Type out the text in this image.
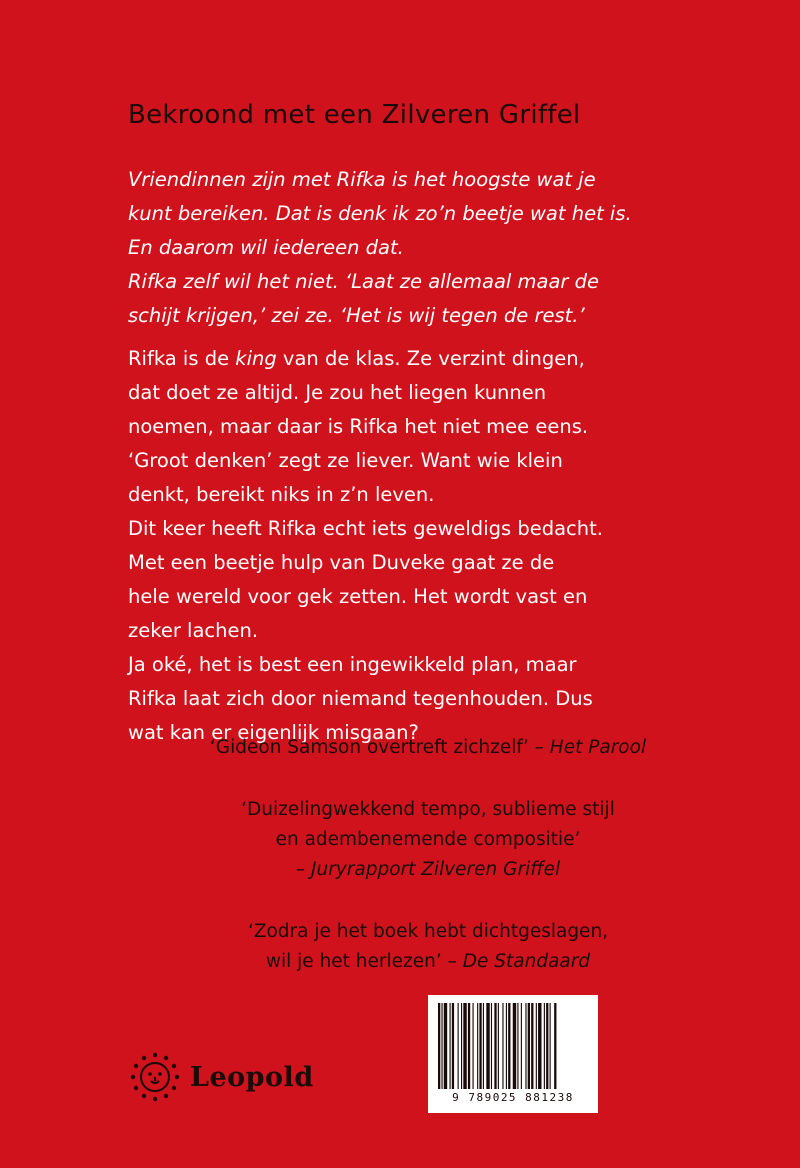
Bekroond met een Zilveren Griffel

Vriendinnen zijn met Rifka is het hoogste wat je

kunt bereiken. Dat is denk ik zo’n beetje wat het is.

En daarom wil iedereen dat.

Rifka zelf wil het niet. ‘Laat ze allemaal maar de

schijt krijgen,’ zei ze. ‘Het is wij tegen de rest.’

Rifka is de king van de klas. Ze verzint dingen,

dat doet ze altijd. Je zou het liegen kunnen

noemen, maar daar is Rifka het niet mee eens.

‘Groot denken’ zegt ze liever. Want wie klein

denkt, bereikt niks in z’n leven.

Dit keer heeft Rifka echt iets geweldigs bedacht.

Met een beetje hulp van Duveke gaat ze de

hele wereld voor gek zetten. Het wordt vast en

zeker lachen.

Ja oké, het is best een ingewikkeld plan, maar

Rifka laat zich door niemand tegenhouden. Dus

wat kan er eigenlijk misgaan?

‘Gideon Samson overtreft zichzelf’ – Het Parool
‘Duizelingwekkend tempo, sublieme stijl
en adembenemende compositie’
– Juryrapport Zilveren Griffel
‘Zodra je het boek hebt dichtgeslagen,
wil je het herlezen’ – De Standaard
Leopold
9 789025 881238
